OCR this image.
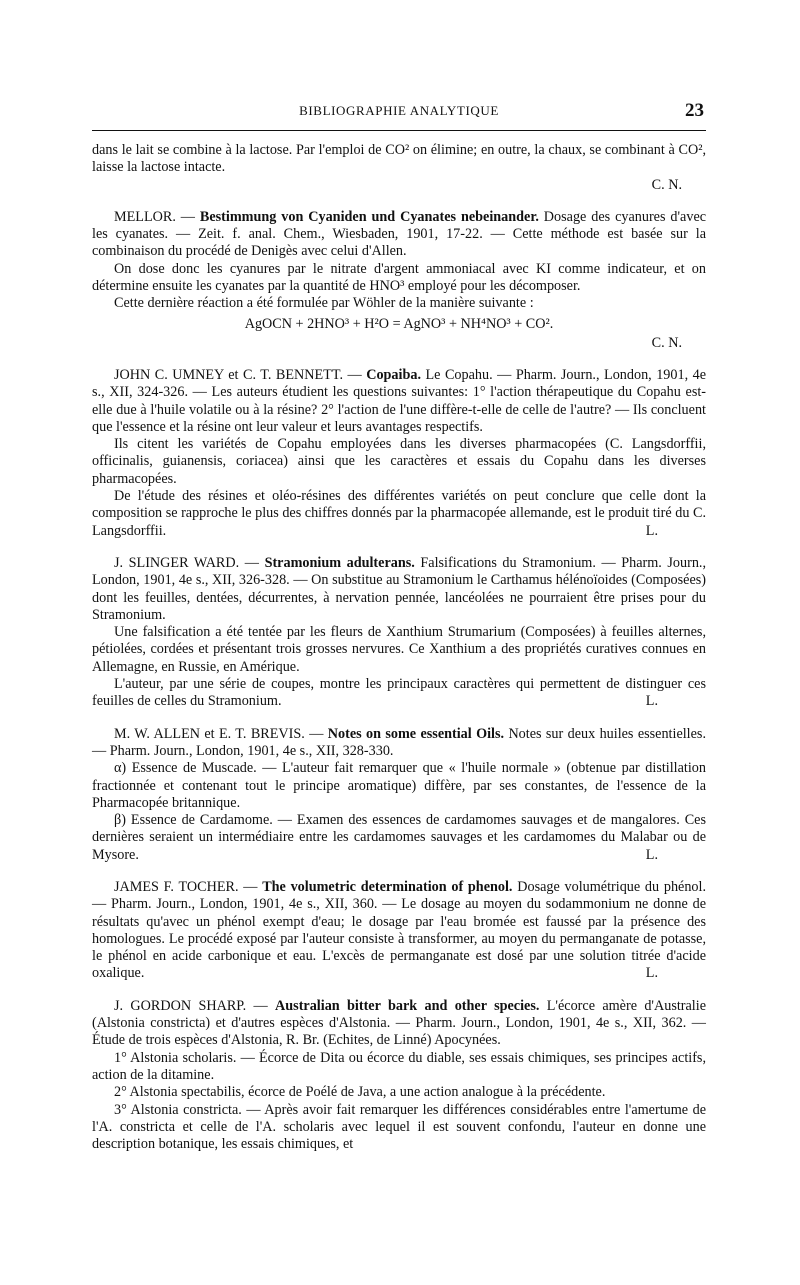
BIBLIOGRAPHIE ANALYTIQUE	23

dans le lait se combine à la lactose. Par l'emploi de CO² on élimine; en outre, la chaux, se combinant à CO², laisse la lactose intacte.

C. N.

MELLOR. — Bestimmung von Cyaniden und Cyanates nebeinander. Dosage des cyanures d'avec les cyanates. — Zeit. f. anal. Chem., Wiesbaden, 1901, 17-22. — Cette méthode est basée sur la combinaison du procédé de Denigès avec celui d'Allen.

On dose donc les cyanures par le nitrate d'argent ammoniacal avec KI comme indicateur, et on détermine ensuite les cyanates par la quantité de HNO³ employé pour les décomposer.

Cette dernière réaction a été formulée par Wöhler de la manière suivante :

AgOCN + 2HNO³ + H²O = AgNO³ + NH⁴NO³ + CO².
C. N.

JOHN C. UMNEY et C. T. BENNETT. — Copaiba. Le Copahu. — Pharm. Journ., London, 1901, 4e s., XII, 324-326. — Les auteurs étudient les questions suivantes: 1° l'action thérapeutique du Copahu est-elle due à l'huile volatile ou à la résine? 2° l'action de l'une diffère-t-elle de celle de l'autre? — Ils concluent que l'essence et la résine ont leur valeur et leurs avantages respectifs.

Ils citent les variétés de Copahu employées dans les diverses pharmacopées (C. Langsdorffii, officinalis, guianensis, coriacea) ainsi que les caractères et essais du Copahu dans les diverses pharmacopées.

De l'étude des résines et oléo-résines des différentes variétés on peut conclure que celle dont la composition se rapproche le plus des chiffres donnés par la pharmacopée allemande, est le produit tiré du C. Langsdorffii.	L.

J. SLINGER WARD. — Stramonium adulterans. Falsifications du Stramonium. — Pharm. Journ., London, 1901, 4e s., XII, 326-328. — On substitue au Stramonium le Carthamus hélénoïoides (Composées) dont les feuilles, dentées, décurrentes, à nervation pennée, lancéolées ne pourraient être prises pour du Stramonium.

Une falsification a été tentée par les fleurs de Xanthium Strumarium (Composées) à feuilles alternes, pétiolées, cordées et présentant trois grosses nervures. Ce Xanthium a des propriétés curatives connues en Allemagne, en Russie, en Amérique.

L'auteur, par une série de coupes, montre les principaux caractères qui permettent de distinguer ces feuilles de celles du Stramonium.	L.

M. W. ALLEN et E. T. BREVIS. — Notes on some essential Oils. Notes sur deux huiles essentielles. — Pharm. Journ., London, 1901, 4e s., XII, 328-330.

α) Essence de Muscade. — L'auteur fait remarquer que « l'huile normale » (obtenue par distillation fractionnée et contenant tout le principe aromatique) diffère, par ses constantes, de l'essence de la Pharmacopée britannique.

β) Essence de Cardamome. — Examen des essences de cardamomes sauvages et de mangalores. Ces dernières seraient un intermédiaire entre les cardamomes sauvages et les cardamomes du Malabar ou de Mysore.	L.

JAMES F. TOCHER. — The volumetric determination of phenol. Dosage volumétrique du phénol. — Pharm. Journ., London, 1901, 4e s., XII, 360. — Le dosage au moyen du sodammonium ne donne de résultats qu'avec un phénol exempt d'eau; le dosage par l'eau bromée est faussé par la présence des homologues. Le procédé exposé par l'auteur consiste à transformer, au moyen du permanganate de potasse, le phénol en acide carbonique et eau. L'excès de permanganate est dosé par une solution titrée d'acide oxalique.	L.

J. GORDON SHARP. — Australian bitter bark and other species. L'écorce amère d'Australie (Alstonia constricta) et d'autres espèces d'Alstonia. — Pharm. Journ., London, 1901, 4e s., XII, 362. — Étude de trois espèces d'Alstonia, R. Br. (Echites, de Linné) Apocynées.

1° Alstonia scholaris. — Écorce de Dita ou écorce du diable, ses essais chimiques, ses principes actifs, action de la ditamine.

2° Alstonia spectabilis, écorce de Poélé de Java, a une action analogue à la précédente.

3° Alstonia constricta. — Après avoir fait remarquer les différences considérables entre l'amertume de l'A. constricta et celle de l'A. scholaris avec lequel il est souvent confondu, l'auteur en donne une description botanique, les essais chimiques, et
